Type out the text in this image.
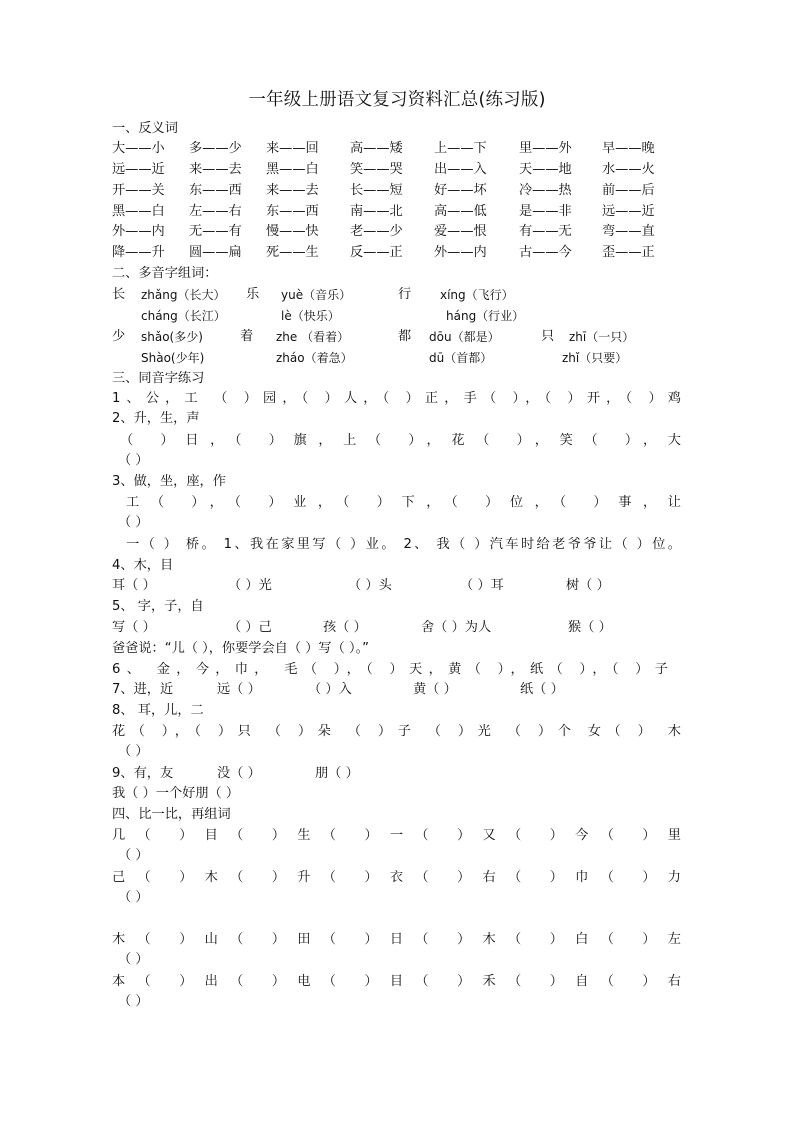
一年级上册语文复习资料汇总(练习版)
一、反义词
大——小 多——少 来——回 高——矮 上——下 里——外 早——晚
远——近 来——去 黑——白 笑——哭 出——入 天——地 水——火
开——关 东——西 来——去 长——短 好——坏 冷——热 前——后
黑——白 左——右 东——西 南——北 高——低 是——非 远——近
外——内 无——有 慢——快 老——少 爱——恨 有——无 弯——直
降——升 圆——扁 死——生 反——正 外——内 古——今 歪——正
二、多音字组词：
长 zhǎng（长大） 乐 yuè（音乐）	行 xíng（飞行）
cháng（长江）	lè（快乐）	háng（行业）
少 shǎo(多少)	着 zhe （看着）	都 dōu（都是）	只 zhī（一只）
Shào(少年)	zháo（着急）	dū（首都）	zhǐ（只要）
三、同音字练习
1、公，工 （ ）园，（ ）人，（ ）正，手（ ），（ ）开，（ ）鸡
2、升，生，声
（ ）日，（ ）旗，上（ ），花（ ），笑（ ），大
（ ）
3、做，坐，座，作
工（ ），（ ）业，（ ）下，（ ）位，（ ）事，让
（ ）
一（ ） 桥。 1、我在家里写（ ）业。 2、 我（ ）汽车时给老爷爷让（ ）位。
4、木，目
耳（ ）	（ ）光	（ ）头	（ ）耳	树（ ）
5、 字，子，自
写（ ）	（ ）己	孩（ ）	舍（ ）为人	猴（ ）
爸爸说：“儿（ ），你要学会自（ ）写（ ）。”
6、 金，今，巾， 毛（ ），（ ）天，黄（ ），纸（ ），（ ）子
7、进，近	远（ ）	（ ）入	黄（ ）	纸（ ）
8、 耳，儿，二
花（ ），（ ）只 （ ）朵 （ ）子 （ ）光 （ ）个 女（ ） 木
（ ）
9、有，友	没（ ）	朋（ ）
我（ ）一个好朋（ ）
四、比一比，再组词
几（ ）目（ ）生（ ）一（ ）又（ ）今（ ）里
（ ）
己（ ）木（ ）升（ ）衣（ ）右（ ）巾（ ）力
（ ）
木（ ）山（ ）田（ ）日（ ）木（ ）白（ ）左
（ ）
本（ ）出（ ）电（ ）目（ ）禾（ ）自（ ）右
（ ）
